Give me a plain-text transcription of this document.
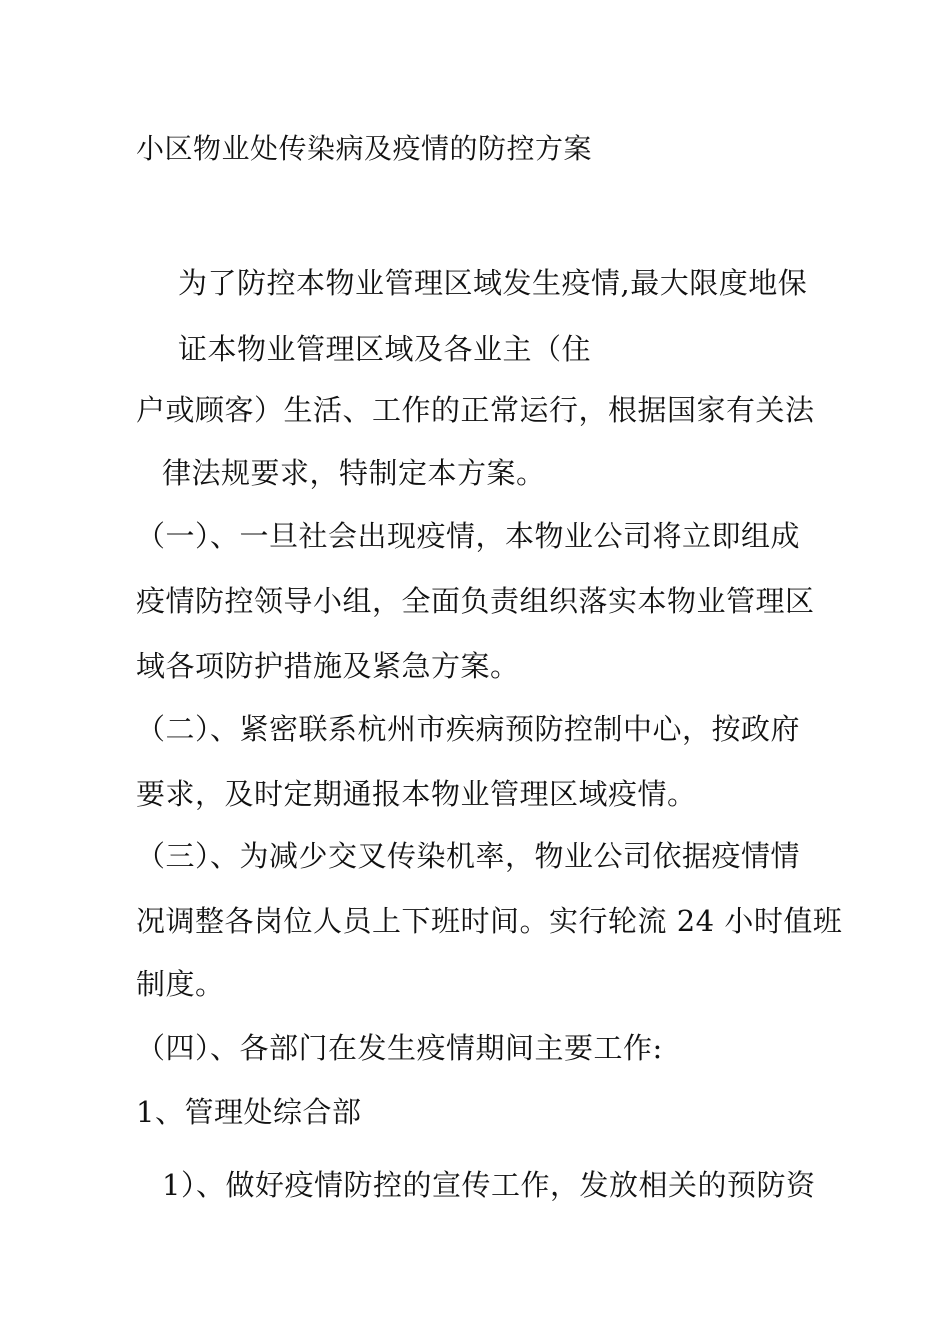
小区物业处传染病及疫情的防控方案
为了防控本物业管理区域发生疫情,最大限度地保
证本物业管理区域及各业主（住
户或顾客）生活、工作的正常运行，根据国家有关法
律法规要求，特制定本方案。
（一）、一旦社会出现疫情，本物业公司将立即组成
疫情防控领导小组，全面负责组织落实本物业管理区
域各项防护措施及紧急方案。
（二）、紧密联系杭州市疾病预防控制中心，按政府
要求，及时定期通报本物业管理区域疫情。
（三）、为减少交叉传染机率，物业公司依据疫情情
况调整各岗位人员上下班时间。实行轮流 24 小时值班
制度。
（四）、各部门在发生疫情期间主要工作:
1、管理处综合部
1）、做好疫情防控的宣传工作，发放相关的预防资
